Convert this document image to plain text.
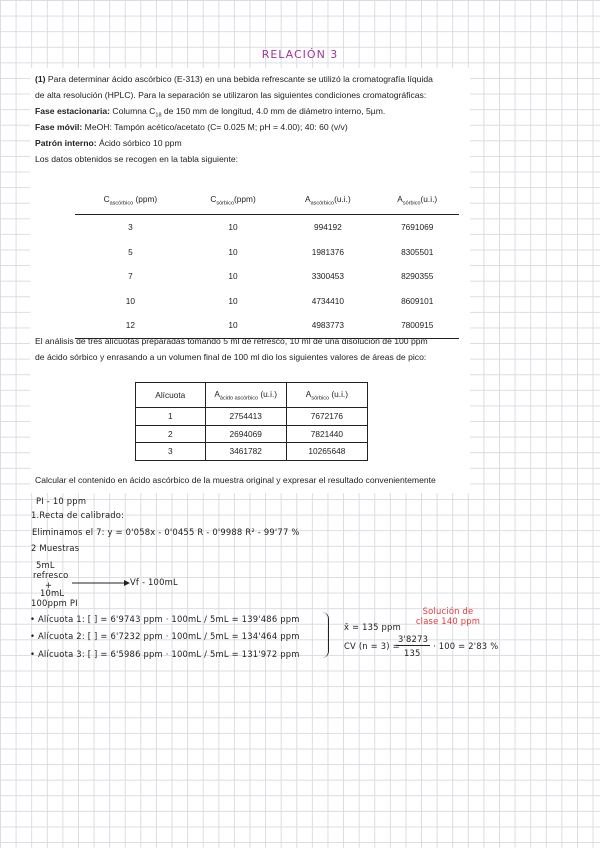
RELACIÓN 3

(1) Para determinar ácido ascórbico (E-313) en una bebida refrescante se utilizó la cromatografía líquida

de alta resolución (HPLC). Para la separación se utilizaron las siguientes condiciones cromatográficas:

Fase estacionaria: Columna $C_{18}$ de 150 mm de longitud, 4.0 mm de diámetro interno, 5µm.

Fase móvil: MeOH: Tampón acético/acetato (C= 0.025 M; pH = 4.00); 40: 60 (v/v)

Patrón interno: Ácido sórbico 10 ppm

Los datos obtenidos se recogen en la tabla siguiente:

$C_{ascórbico}$ (ppm)	$C_{sórbico}(ppm)$	$A_{ascórbico}(u.i.)$	$A_{sórbico}(u.i.)$
3	10	994192	7691069
5	10	1981376	8305501
7	10	3300453	8290355
10	10	4734410	8609101
12	10	4983773	7800915

El análisis de tres alícuotas preparadas tomando 5 ml de refresco, 10 ml de una disolución de 100 ppm

de ácido sórbico y enrasando a un volumen final de 100 ml dio los siguientes valores de áreas de pico:

Alícuota	$A_{ácido ascórbico}$ (u.i.)	$A_{sórbico}$ (u.i.)
1	2754413	7672176
2	2694069	7821440
3	3461782	10265648

Calcular el contenido en ácido ascórbico de la muestra original y expresar el resultado convenientemente

PI - 10 ppm
1.Recta de calibrado:
Eliminamos el 7: y = 0'058x - 0'0455 R - 0'9988 R² - 99'77 %
2 Muestras
5mL
refresco
+
10mL
100ppm PI
Vf - 100mL
• Alícuota 1: [ ] = 6'9743 ppm · 100mL / 5mL = 139'486 ppm
• Alícuota 2: [ ] = 6'7232 ppm · 100mL / 5mL = 134'464 ppm
• Alícuota 3: [ ] = 6'5986 ppm · 100mL / 5mL = 131'972 ppm
x̄ = 135 ppm
CV (n = 3) =
3'8273
135
· 100 = 2'83 %
Solución de
clase 140 ppm
